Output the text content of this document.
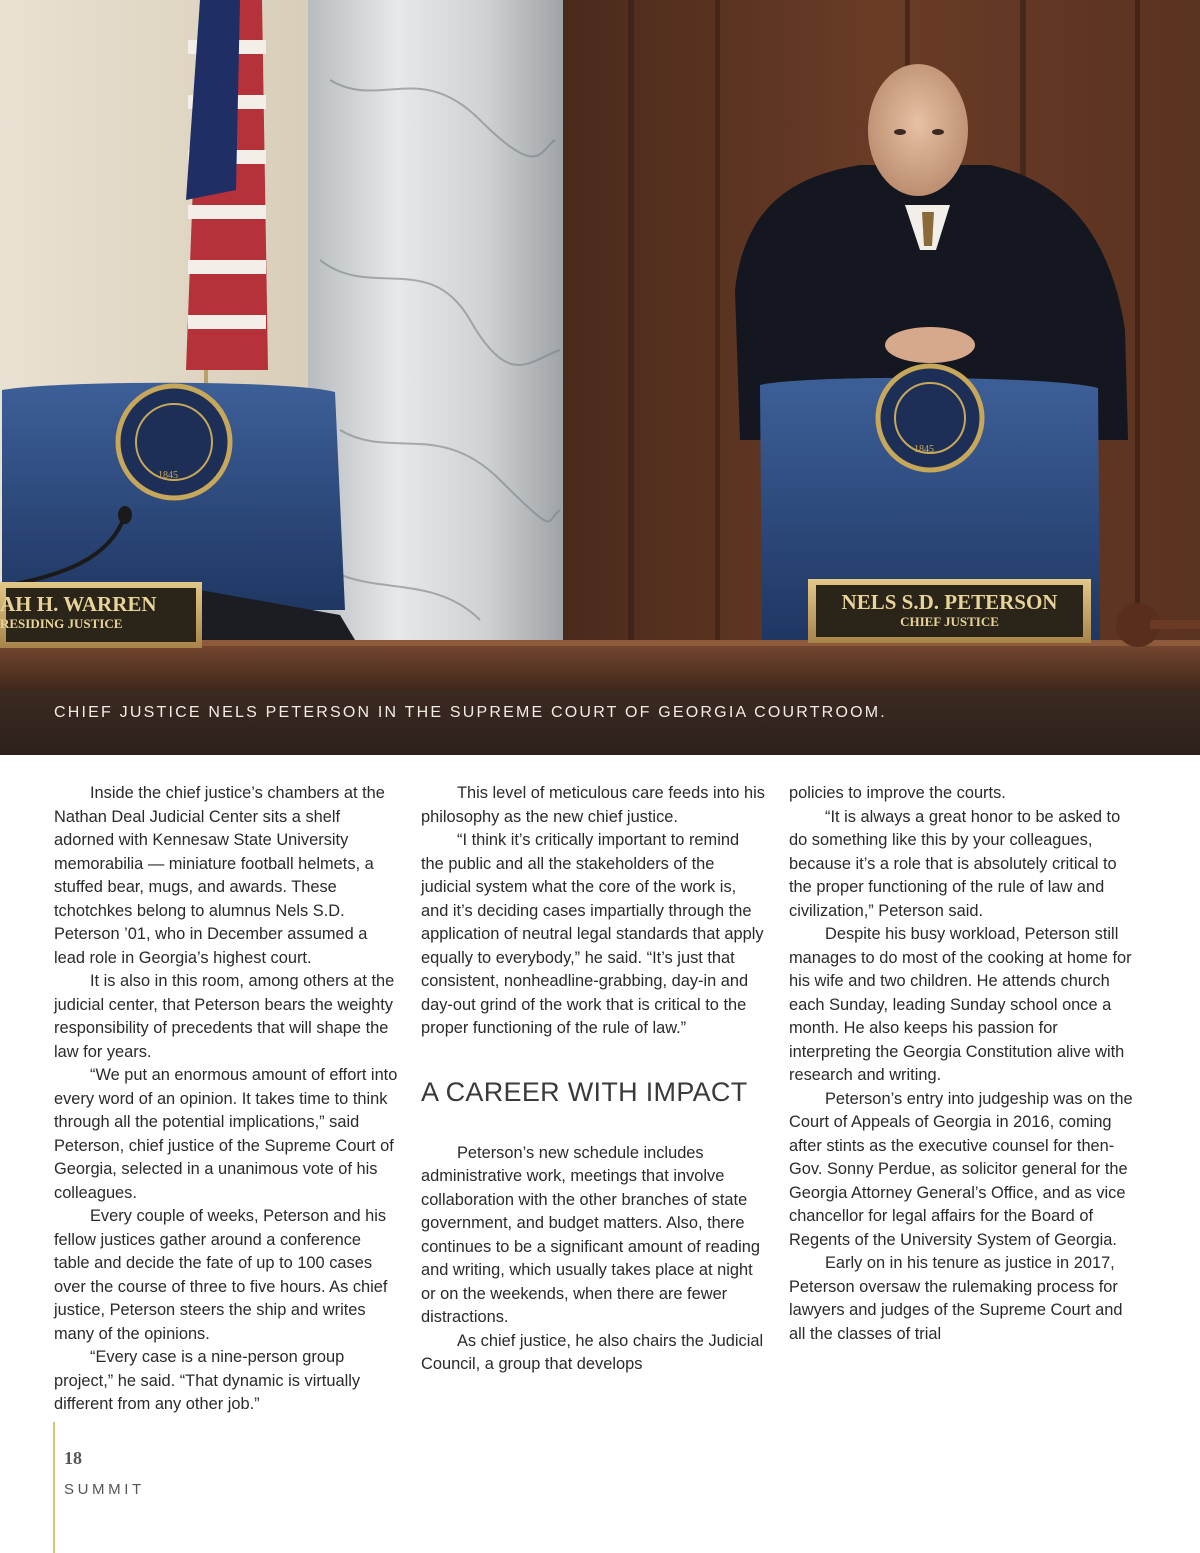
AH H. WARREN
RESIDING JUSTICE
NELS S.D. PETERSON
CHIEF JUSTICE
1845
1845
CHIEF JUSTICE NELS PETERSON IN THE SUPREME COURT OF GEORGIA COURTROOM.

Inside the chief justice’s chambers at the Nathan Deal Judicial Center sits a shelf adorned with Kennesaw State University memorabilia — miniature football helmets, a stuffed bear, mugs, and awards. These tchotchkes belong to alumnus Nels S.D. Peterson ’01, who in December assumed a lead role in Georgia’s highest court.

It is also in this room, among others at the judicial center, that Peterson bears the weighty responsibility of precedents that will shape the law for years.

“We put an enormous amount of effort into every word of an opinion. It takes time to think through all the potential implications,” said Peterson, chief justice of the Supreme Court of Georgia, selected in a unanimous vote of his colleagues.

Every couple of weeks, Peterson and his fellow justices gather around a conference table and decide the fate of up to 100 cases over the course of three to five hours. As chief justice, Peterson steers the ship and writes many of the opinions.

“Every case is a nine-person group project,” he said. “That dynamic is virtually different from any other job.”

This level of meticulous care feeds into his philosophy as the new chief justice.

“I think it’s critically important to remind the public and all the stakeholders of the judicial system what the core of the work is, and it’s deciding cases impartially through the application of neutral legal standards that apply equally to everybody,” he said. “It’s just that consistent, nonheadline-grabbing, day-in and day-out grind of the work that is critical to the proper functioning of the rule of law.”

A CAREER WITH IMPACT

Peterson’s new schedule includes administrative work, meetings that involve collaboration with the other branches of state government, and budget matters. Also, there continues to be a significant amount of reading and writing, which usually takes place at night or on the weekends, when there are fewer distractions.

As chief justice, he also chairs the Judicial Council, a group that develops

policies to improve the courts.

“It is always a great honor to be asked to do something like this by your colleagues, because it’s a role that is absolutely critical to the proper functioning of the rule of law and civilization,” Peterson said.

Despite his busy workload, Peterson still manages to do most of the cooking at home for his wife and two children. He attends church each Sunday, leading Sunday school once a month. He also keeps his passion for interpreting the Georgia Constitution alive with research and writing.

Peterson’s entry into judgeship was on the Court of Appeals of Georgia in 2016, coming after stints as the executive counsel for then-Gov. Sonny Perdue, as solicitor general for the Georgia Attorney General’s Office, and as vice chancellor for legal affairs for the Board of Regents of the University System of Georgia.

Early on in his tenure as justice in 2017, Peterson oversaw the rulemaking process for lawyers and judges of the Supreme Court and all the classes of trial

18
SUMMIT
